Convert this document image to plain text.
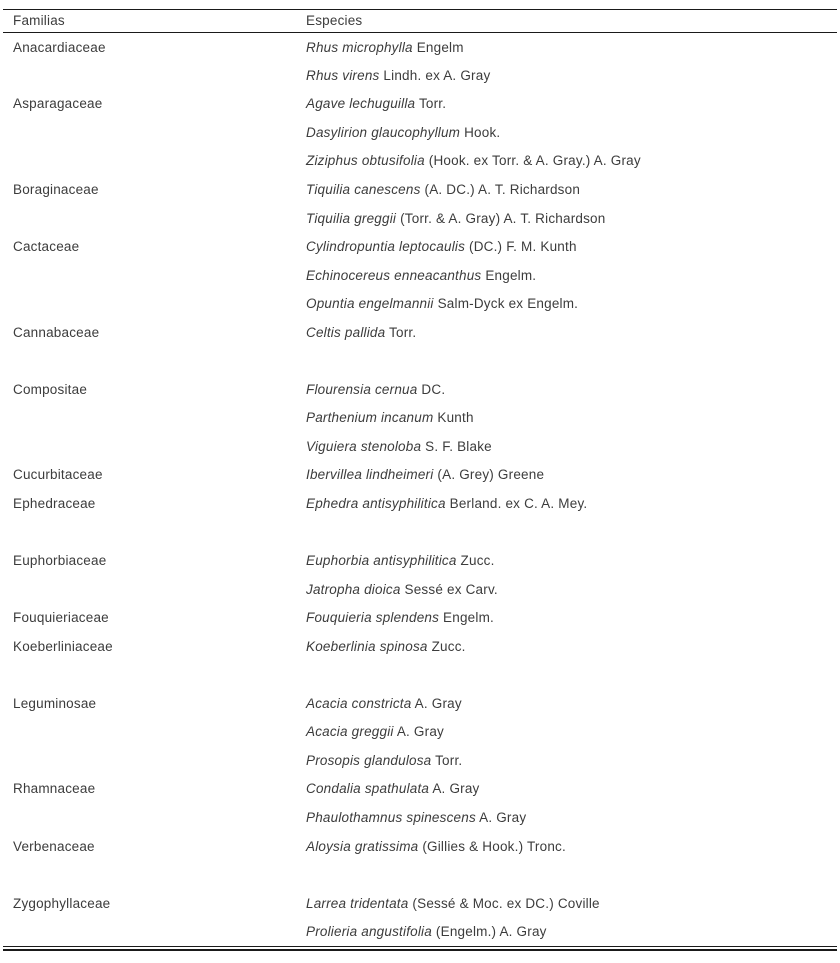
Familias	Especies
Anacardiaceae	Rhus microphylla Engelm
	Rhus virens Lindh. ex A. Gray
Asparagaceae	Agave lechuguilla Torr.
	Dasylirion glaucophyllum Hook.
	Ziziphus obtusifolia (Hook. ex Torr. & A. Gray.) A. Gray
Boraginaceae	Tiquilia canescens (A. DC.) A. T. Richardson
	Tiquilia greggii (Torr. & A. Gray) A. T. Richardson
Cactaceae	Cylindropuntia leptocaulis (DC.) F. M. Kunth
	Echinocereus enneacanthus Engelm.
	Opuntia engelmannii Salm-Dyck ex Engelm.
Cannabaceae	Celtis pallida Torr.

Compositae	Flourensia cernua DC.
	Parthenium incanum Kunth
	Viguiera stenoloba S. F. Blake
Cucurbitaceae	Ibervillea lindheimeri (A. Grey) Greene
Ephedraceae	Ephedra antisyphilitica Berland. ex C. A. Mey.

Euphorbiaceae	Euphorbia antisyphilitica Zucc.
	Jatropha dioica Sessé ex Carv.
Fouquieriaceae	Fouquieria splendens Engelm.
Koeberliniaceae	Koeberlinia spinosa Zucc.

Leguminosae	Acacia constricta A. Gray
	Acacia greggii A. Gray
	Prosopis glandulosa Torr.
Rhamnaceae	Condalia spathulata A. Gray
	Phaulothamnus spinescens A. Gray
Verbenaceae	Aloysia gratissima (Gillies & Hook.) Tronc.

Zygophyllaceae	Larrea tridentata (Sessé & Moc. ex DC.) Coville
	Prolieria angustifolia (Engelm.) A. Gray
